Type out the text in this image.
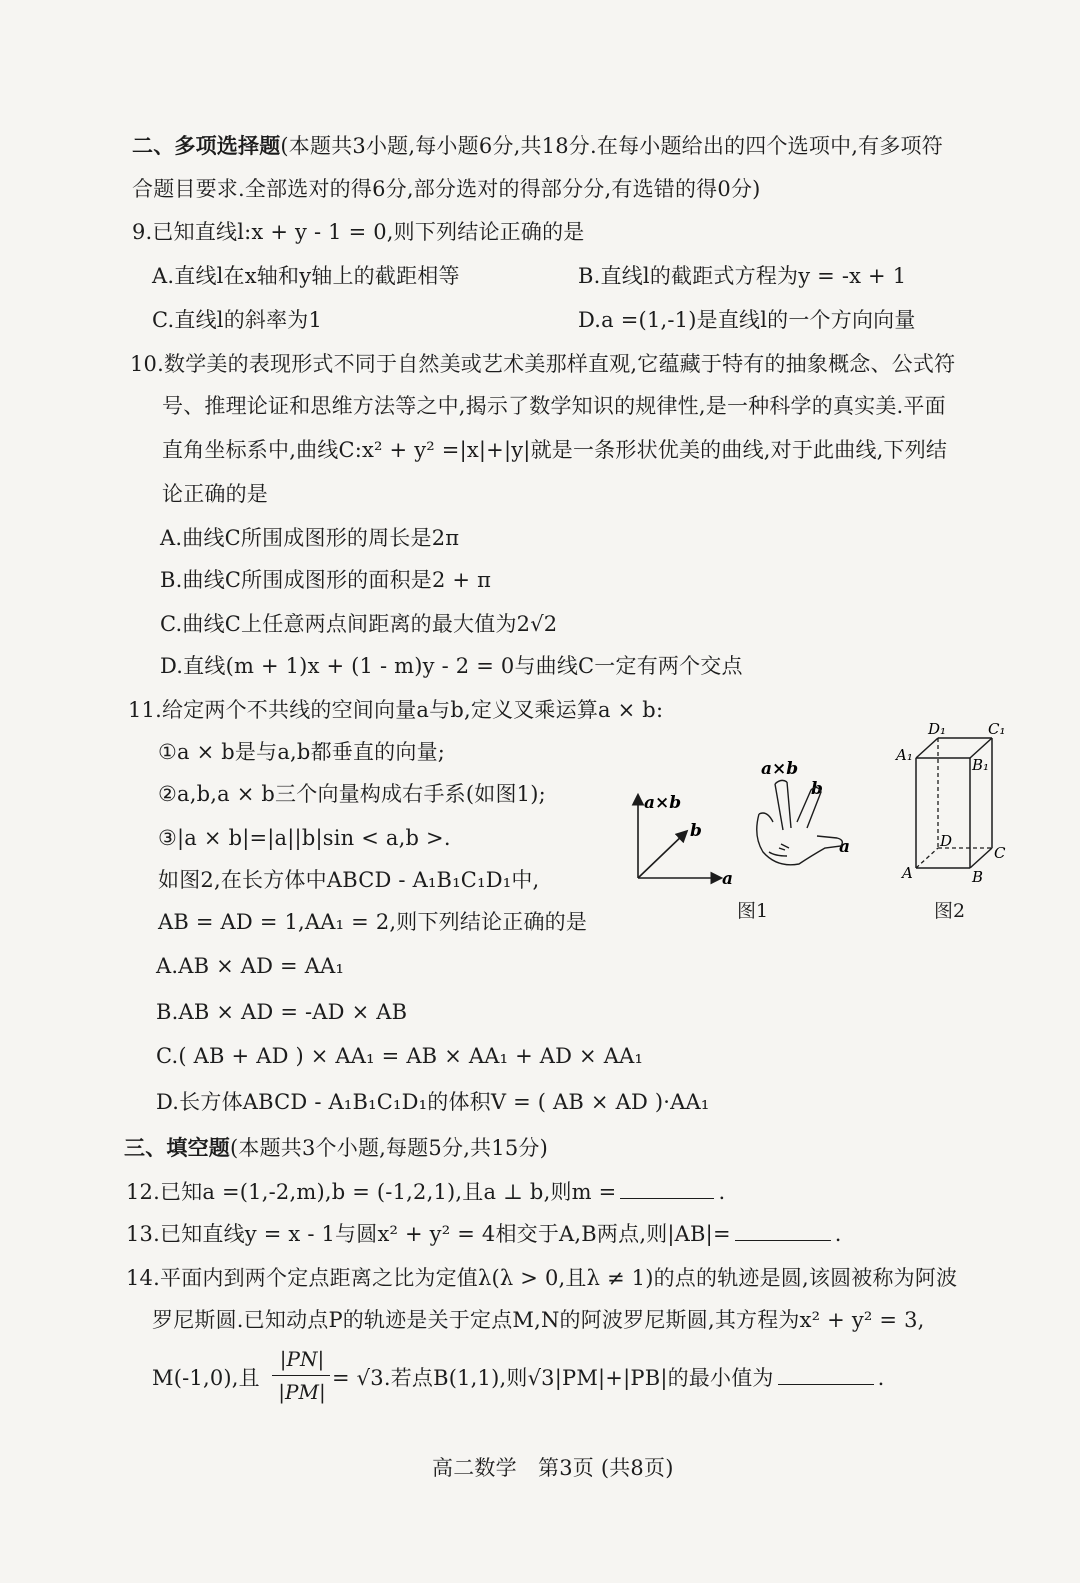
二、多项选择题(本题共3小题,每小题6分,共18分.在每小题给出的四个选项中,有多项符
合题目要求.全部选对的得6分,部分选对的得部分分,有选错的得0分)
9.已知直线l:x + y - 1 = 0,则下列结论正确的是
A.直线l在x轴和y轴上的截距相等	B.直线l的截距式方程为y = -x + 1
C.直线l的斜率为1	D.a =(1,-1)是直线l的一个方向向量
10.数学美的表现形式不同于自然美或艺术美那样直观,它蕴藏于特有的抽象概念、公式符
号、推理论证和思维方法等之中,揭示了数学知识的规律性,是一种科学的真实美.平面
直角坐标系中,曲线C:x² + y² =|x|+|y|就是一条形状优美的曲线,对于此曲线,下列结
论正确的是
A.曲线C所围成图形的周长是2π
B.曲线C所围成图形的面积是2 + π
C.曲线C上任意两点间距离的最大值为2√2
D.直线(m + 1)x + (1 - m)y - 2 = 0与曲线C一定有两个交点
11.给定两个不共线的空间向量a与b,定义叉乘运算a × b:
①a × b是与a,b都垂直的向量;
②a,b,a × b三个向量构成右手系(如图1);
③|a × b|=|a||b|sin < a,b >.
如图2,在长方体中ABCD - A₁B₁C₁D₁中,
AB = AD = 1,AA₁ = 2,则下列结论正确的是
A.AB × AD = AA₁
B.AB × AD = -AD × AB
C.( AB + AD ) × AA₁ = AB × AA₁ + AD × AA₁
D.长方体ABCD - A₁B₁C₁D₁的体积V = ( AB × AD )·AA₁
a×b
b
a
a×b
b
a
图1
D₁	C₁
A₁
B₁
D
C
A	B
图2
三、填空题(本题共3个小题,每题5分,共15分)
12.已知a =(1,-2,m),b = (-1,2,1),且a ⊥ b,则m =	.
13.已知直线y = x - 1与圆x² + y² = 4相交于A,B两点,则|AB|=	.
14.平面内到两个定点距离之比为定值λ(λ > 0,且λ ≠ 1)的点的轨迹是圆,该圆被称为阿波
罗尼斯圆.已知动点P的轨迹是关于定点M,N的阿波罗尼斯圆,其方程为x² + y² = 3,
M(-1,0),且
|PN|
|PM|
= √3.若点B(1,1),则√3|PM|+|PB|的最小值为	.
高二数学　第3页 (共8页)
